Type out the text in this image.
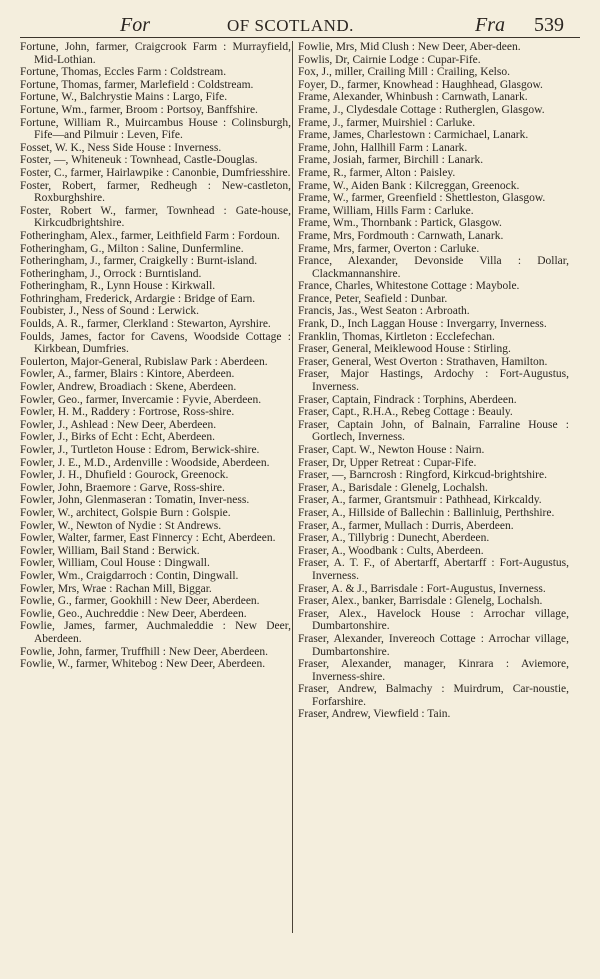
For	OF SCOTLAND.	Fra 539
Fortune, John, farmer, Craigcrook Farm : Murrayfield, Mid-Lothian.
Fortune, Thomas, Eccles Farm : Coldstream.
Fortune, Thomas, farmer, Marlefield : Coldstream.
Fortune, W., Balchrystie Mains : Largo, Fife.
Fortune, Wm., farmer, Broom : Portsoy, Banffshire.
Fortune, William R., Muircambus House : Colinsburgh, Fife—and Pilmuir : Leven, Fife.
Fosset, W. K., Ness Side House : Inverness.
Foster, —, Whiteneuk : Townhead, Castle-Douglas.
Foster, C., farmer, Hairlawpike : Canonbie, Dumfriesshire.
Foster, Robert, farmer, Redheugh : New-castleton, Roxburghshire.
Foster, Robert W., farmer, Townhead : Gate-house, Kirkcudbrightshire.
Fotheringham, Alex., farmer, Leithfield Farm : Fordoun.
Fotheringham, G., Milton : Saline, Dunfermline.
Fotheringham, J., farmer, Craigkelly : Burnt-island.
Fotheringham, J., Orrock : Burntisland.
Fotheringham, R., Lynn House : Kirkwall.
Fothringham, Frederick, Ardargie : Bridge of Earn.
Foubister, J., Ness of Sound : Lerwick.
Foulds, A. R., farmer, Clerkland : Stewarton, Ayrshire.
Foulds, James, factor for Cavens, Woodside Cottage : Kirkbean, Dumfries.
Foulerton, Major-General, Rubislaw Park : Aberdeen.
Fowler, A., farmer, Blairs : Kintore, Aberdeen.
Fowler, Andrew, Broadiach : Skene, Aberdeen.
Fowler, Geo., farmer, Invercamie : Fyvie, Aberdeen.
Fowler, H. M., Raddery : Fortrose, Ross-shire.
Fowler, J., Ashlead : New Deer, Aberdeen.
Fowler, J., Birks of Echt : Echt, Aberdeen.
Fowler, J., Turtleton House : Edrom, Berwick-shire.
Fowler, J. E., M.D., Ardenville : Woodside, Aberdeen.
Fowler, J. H., Dhufield : Gourock, Greenock.
Fowler, John, Braemore : Garve, Ross-shire.
Fowler, John, Glenmaseran : Tomatin, Inver-ness.
Fowler, W., architect, Golspie Burn : Golspie.
Fowler, W., Newton of Nydie : St Andrews.
Fowler, Walter, farmer, East Finnercy : Echt, Aberdeen.
Fowler, William, Bail Stand : Berwick.
Fowler, William, Coul House : Dingwall.
Fowler, Wm., Craigdarroch : Contin, Dingwall.
Fowler, Mrs, Wrae : Rachan Mill, Biggar.
Fowlie, G., farmer, Gookhill : New Deer, Aberdeen.
Fowlie, Geo., Auchreddie : New Deer, Aberdeen.
Fowlie, James, farmer, Auchmaleddie : New Deer, Aberdeen.
Fowlie, John, farmer, Truffhill : New Deer, Aberdeen.
Fowlie, W., farmer, Whitebog : New Deer, Aberdeen.
Fowlie, Mrs, Mid Clush : New Deer, Aber-deen.
Fowlis, Dr, Cairnie Lodge : Cupar-Fife.
Fox, J., miller, Crailing Mill : Crailing, Kelso.
Foyer, D., farmer, Knowhead : Haughhead, Glasgow.
Frame, Alexander, Whinbush : Carnwath, Lanark.
Frame, J., Clydesdale Cottage : Rutherglen, Glasgow.
Frame, J., farmer, Muirshiel : Carluke.
Frame, James, Charlestown : Carmichael, Lanark.
Frame, John, Hallhill Farm : Lanark.
Frame, Josiah, farmer, Birchill : Lanark.
Frame, R., farmer, Alton : Paisley.
Frame, W., Aiden Bank : Kilcreggan, Greenock.
Frame, W., farmer, Greenfield : Shettleston, Glasgow.
Frame, William, Hills Farm : Carluke.
Frame, Wm., Thornbank : Partick, Glasgow.
Frame, Mrs, Fordmouth : Carnwath, Lanark.
Frame, Mrs, farmer, Overton : Carluke.
France, Alexander, Devonside Villa : Dollar, Clackmannanshire.
France, Charles, Whitestone Cottage : Maybole.
France, Peter, Seafield : Dunbar.
Francis, Jas., West Seaton : Arbroath.
Frank, D., Inch Laggan House : Invergarry, Inverness.
Franklin, Thomas, Kirtleton : Ecclefechan.
Fraser, General, Meiklewood House : Stirling.
Fraser, General, West Overton : Strathaven, Hamilton.
Fraser, Major Hastings, Ardochy : Fort-Augustus, Inverness.
Fraser, Captain, Findrack : Torphins, Aberdeen.
Fraser, Capt., R.H.A., Rebeg Cottage : Beauly.
Fraser, Captain John, of Balnain, Farraline House : Gortlech, Inverness.
Fraser, Capt. W., Newton House : Nairn.
Fraser, Dr, Upper Retreat : Cupar-Fife.
Fraser, —, Barncrosh : Ringford, Kirkcud-brightshire.
Fraser, A., Barisdale : Glenelg, Lochalsh.
Fraser, A., farmer, Grantsmuir : Pathhead, Kirkcaldy.
Fraser, A., Hillside of Ballechin : Ballinluig, Perthshire.
Fraser, A., farmer, Mullach : Durris, Aberdeen.
Fraser, A., Tillybrig : Dunecht, Aberdeen.
Fraser, A., Woodbank : Cults, Aberdeen.
Fraser, A. T. F., of Abertarff, Abertarff : Fort-Augustus, Inverness.
Fraser, A. & J., Barrisdale : Fort-Augustus, Inverness.
Fraser, Alex., banker, Barrisdale : Glenelg, Lochalsh.
Fraser, Alex., Havelock House : Arrochar village, Dumbartonshire.
Fraser, Alexander, Invereoch Cottage : Arrochar village, Dumbartonshire.
Fraser, Alexander, manager, Kinrara : Aviemore, Inverness-shire.
Fraser, Andrew, Balmachy : Muirdrum, Car-noustie, Forfarshire.
Fraser, Andrew, Viewfield : Tain.
